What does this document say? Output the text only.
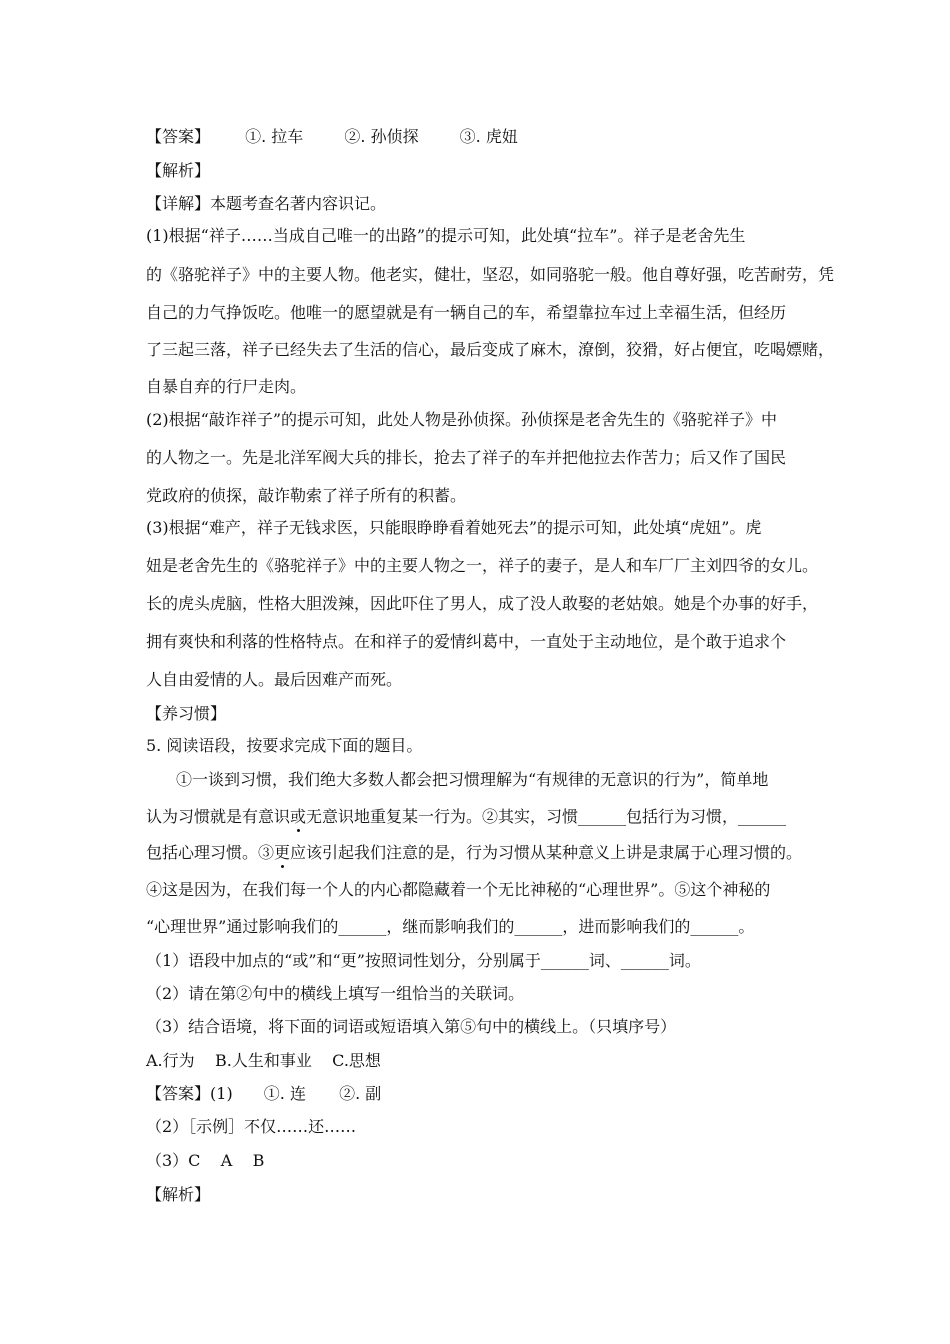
【答案】 ①. 拉车	②. 孙侦探	③. 虎妞
【解析】
【详解】本题考查名著内容识记。
(1)根据“祥子……当成自己唯一的出路”的提示可知，此处填“拉车”。祥子是老舍先生
的《骆驼祥子》中的主要人物。他老实，健壮，坚忍，如同骆驼一般。他自尊好强，吃苦耐劳，凭
自己的力气挣饭吃。他唯一的愿望就是有一辆自己的车，希望靠拉车过上幸福生活，但经历
了三起三落，祥子已经失去了生活的信心，最后变成了麻木，潦倒，狡猾，好占便宜，吃喝嫖赌，
自暴自弃的行尸走肉。
(2)根据“敲诈祥子”的提示可知，此处人物是孙侦探。孙侦探是老舍先生的《骆驼祥子》中
的人物之一。先是北洋军阀大兵的排长，抢去了祥子的车并把他拉去作苦力；后又作了国民
党政府的侦探，敲诈勒索了祥子所有的积蓄。
(3)根据“难产，祥子无钱求医，只能眼睁睁看着她死去”的提示可知，此处填“虎妞”。虎
妞是老舍先生的《骆驼祥子》中的主要人物之一，祥子的妻子，是人和车厂厂主刘四爷的女儿。
长的虎头虎脑，性格大胆泼辣，因此吓住了男人，成了没人敢娶的老姑娘。她是个办事的好手，
拥有爽快和利落的性格特点。在和祥子的爱情纠葛中，一直处于主动地位，是个敢于追求个
人自由爱情的人。最后因难产而死。
【养习惯】
5. 阅读语段，按要求完成下面的题目。
①一谈到习惯，我们绝大多数人都会把习惯理解为“有规律的无意识的行为”，简单地
认为习惯就是有意识或无意识地重复某一行为。②其实，习惯______包括行为习惯，______
包括心理习惯。③更应该引起我们注意的是，行为习惯从某种意义上讲是隶属于心理习惯的。
④这是因为，在我们每一个人的内心都隐藏着一个无比神秘的“心理世界”。⑤这个神秘的
“心理世界”通过影响我们的______，继而影响我们的______，进而影响我们的______。
（1）语段中加点的“或”和“更”按照词性划分，分别属于______词、______词。
（2）请在第②句中的横线上填写一组恰当的关联词。
（3）结合语境，将下面的词语或短语填入第⑤句中的横线上。（只填序号）
A.行为    B.人生和事业    C.思想
【答案】(1) ①. 连 ②. 副
（2）［示例］不仅……还……
（3）C    A    B
【解析】
